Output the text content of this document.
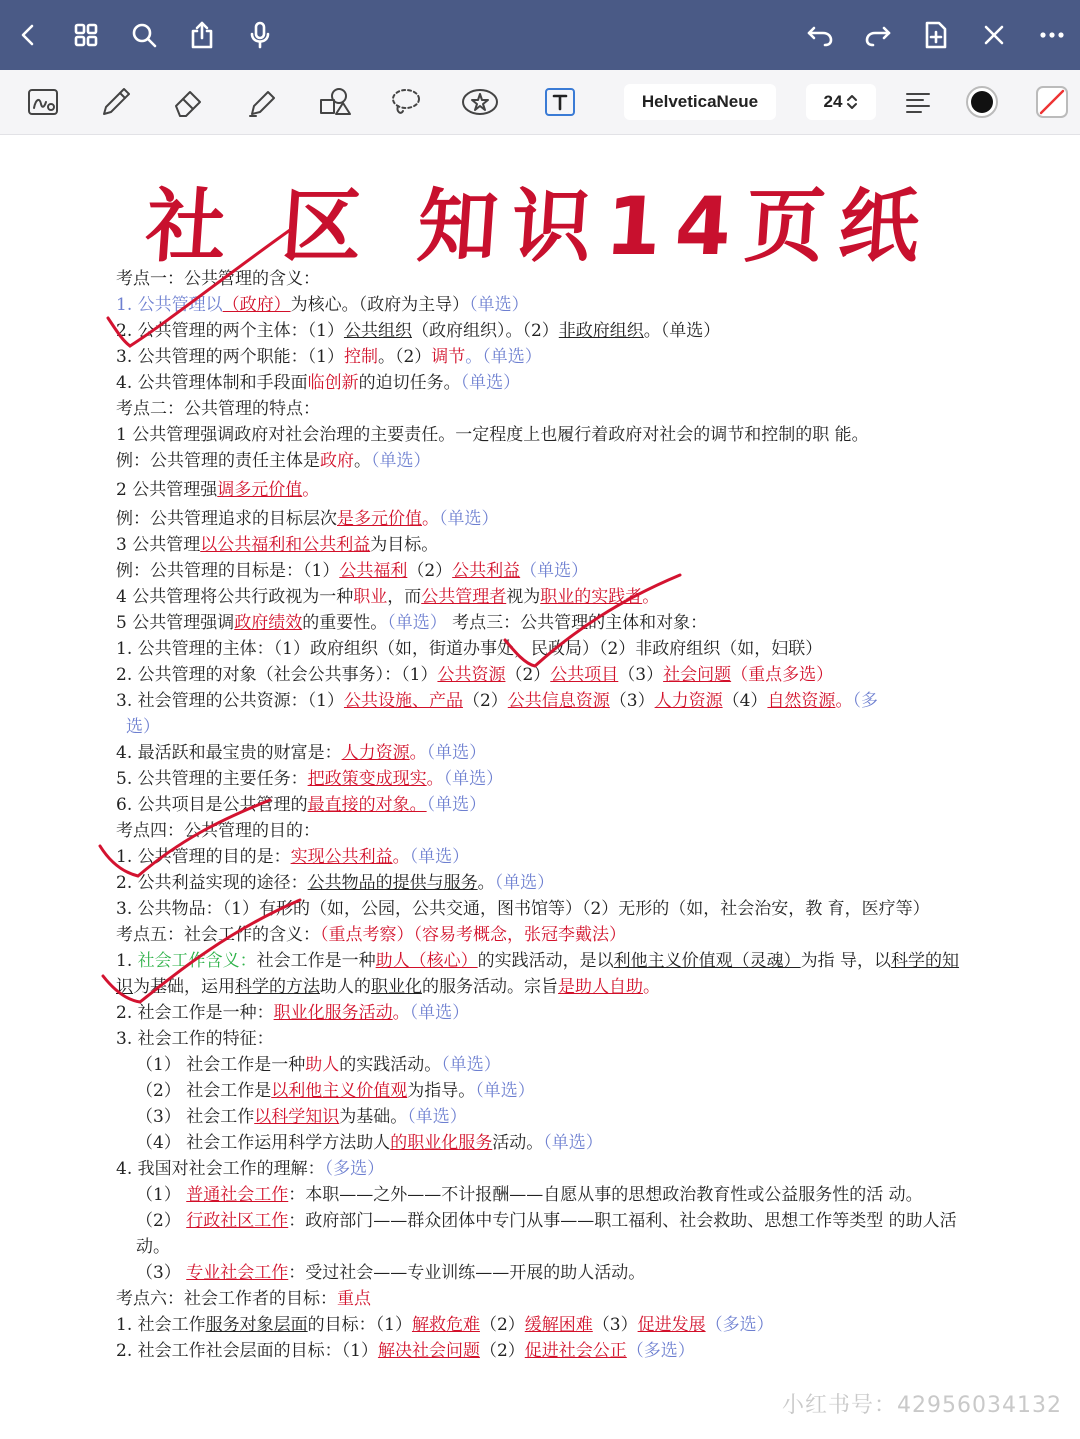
HelveticaNeue	24
社 区 知识14页纸
考点一：公共管理的含义：
1. 公共管理以（政府）为核心。（政府为主导）（单选）
2. 公共管理的两个主体：（1）公共组织（政府组织）。（2）非政府组织。（单选）
3. 公共管理的两个职能：（1）控制。（2）调节。（单选）
4. 公共管理体制和手段面临创新的迫切任务。（单选）
考点二：公共管理的特点：
1 公共管理强调政府对社会治理的主要责任。一定程度上也履行着政府对社会的调节和控制的职 能。
例：公共管理的责任主体是政府。（单选）
2 公共管理强调多元价值。
例：公共管理追求的目标层次是多元价值。（单选）
3 公共管理以公共福利和公共利益为目标。
例：公共管理的目标是：（1）公共福利（2）公共利益（单选）
4 公共管理将公共行政视为一种职业，而公共管理者视为职业的实践者。
5 公共管理强调政府绩效的重要性。（单选） 考点三：公共管理的主体和对象：
1. 公共管理的主体：（1）政府组织（如，街道办事处，民政局）（2）非政府组织（如，妇联）
2. 公共管理的对象（社会公共事务）：（1）公共资源（2）公共项目（3）社会问题（重点多选）
3. 社会管理的公共资源：（1）公共设施、产品（2）公共信息资源（3）人力资源（4）自然资源。（多
选）
4. 最活跃和最宝贵的财富是：人力资源。（单选）
5. 公共管理的主要任务：把政策变成现实。（单选）
6. 公共项目是公共管理的最直接的对象。（单选）
考点四：公共管理的目的：
1. 公共管理的目的是：实现公共利益。（单选）
2. 公共利益实现的途径：公共物品的提供与服务。（单选）
3. 公共物品：（1）有形的（如，公园，公共交通，图书馆等）（2）无形的（如，社会治安，教 育，医疗等）
考点五：社会工作的含义：（重点考察）（容易考概念，张冠李戴法）
1. 社会工作含义：社会工作是一种助人（核心）的实践活动，是以利他主义价值观（灵魂）为指 导，以科学的知识为基础，运用科学的方法助人的职业化的服务活动。宗旨是助人自助。
2. 社会工作是一种：职业化服务活动。（单选）
3. 社会工作的特征：
（1） 社会工作是一种助人的实践活动。（单选）
（2） 社会工作是以利他主义价值观为指导。（单选）
（3） 社会工作以科学知识为基础。（单选）
（4） 社会工作运用科学方法助人的职业化服务活动。（单选）
4. 我国对社会工作的理解：（多选）
（1） 普通社会工作：本职——之外——不计报酬——自愿从事的思想政治教育性或公益服务性的活 动。
（2） 行政社区工作：政府部门——群众团体中专门从事——职工福利、社会救助、思想工作等类型 的助人活动。
（3） 专业社会工作：受过社会——专业训练——开展的助人活动。
考点六：社会工作者的目标：重点
1. 社会工作服务对象层面的目标：（1）解救危难（2）缓解困难（3）促进发展（多选）
2. 社会工作社会层面的目标：（1）解决社会问题（2）促进社会公正（多选）
小红书号：42956034132
